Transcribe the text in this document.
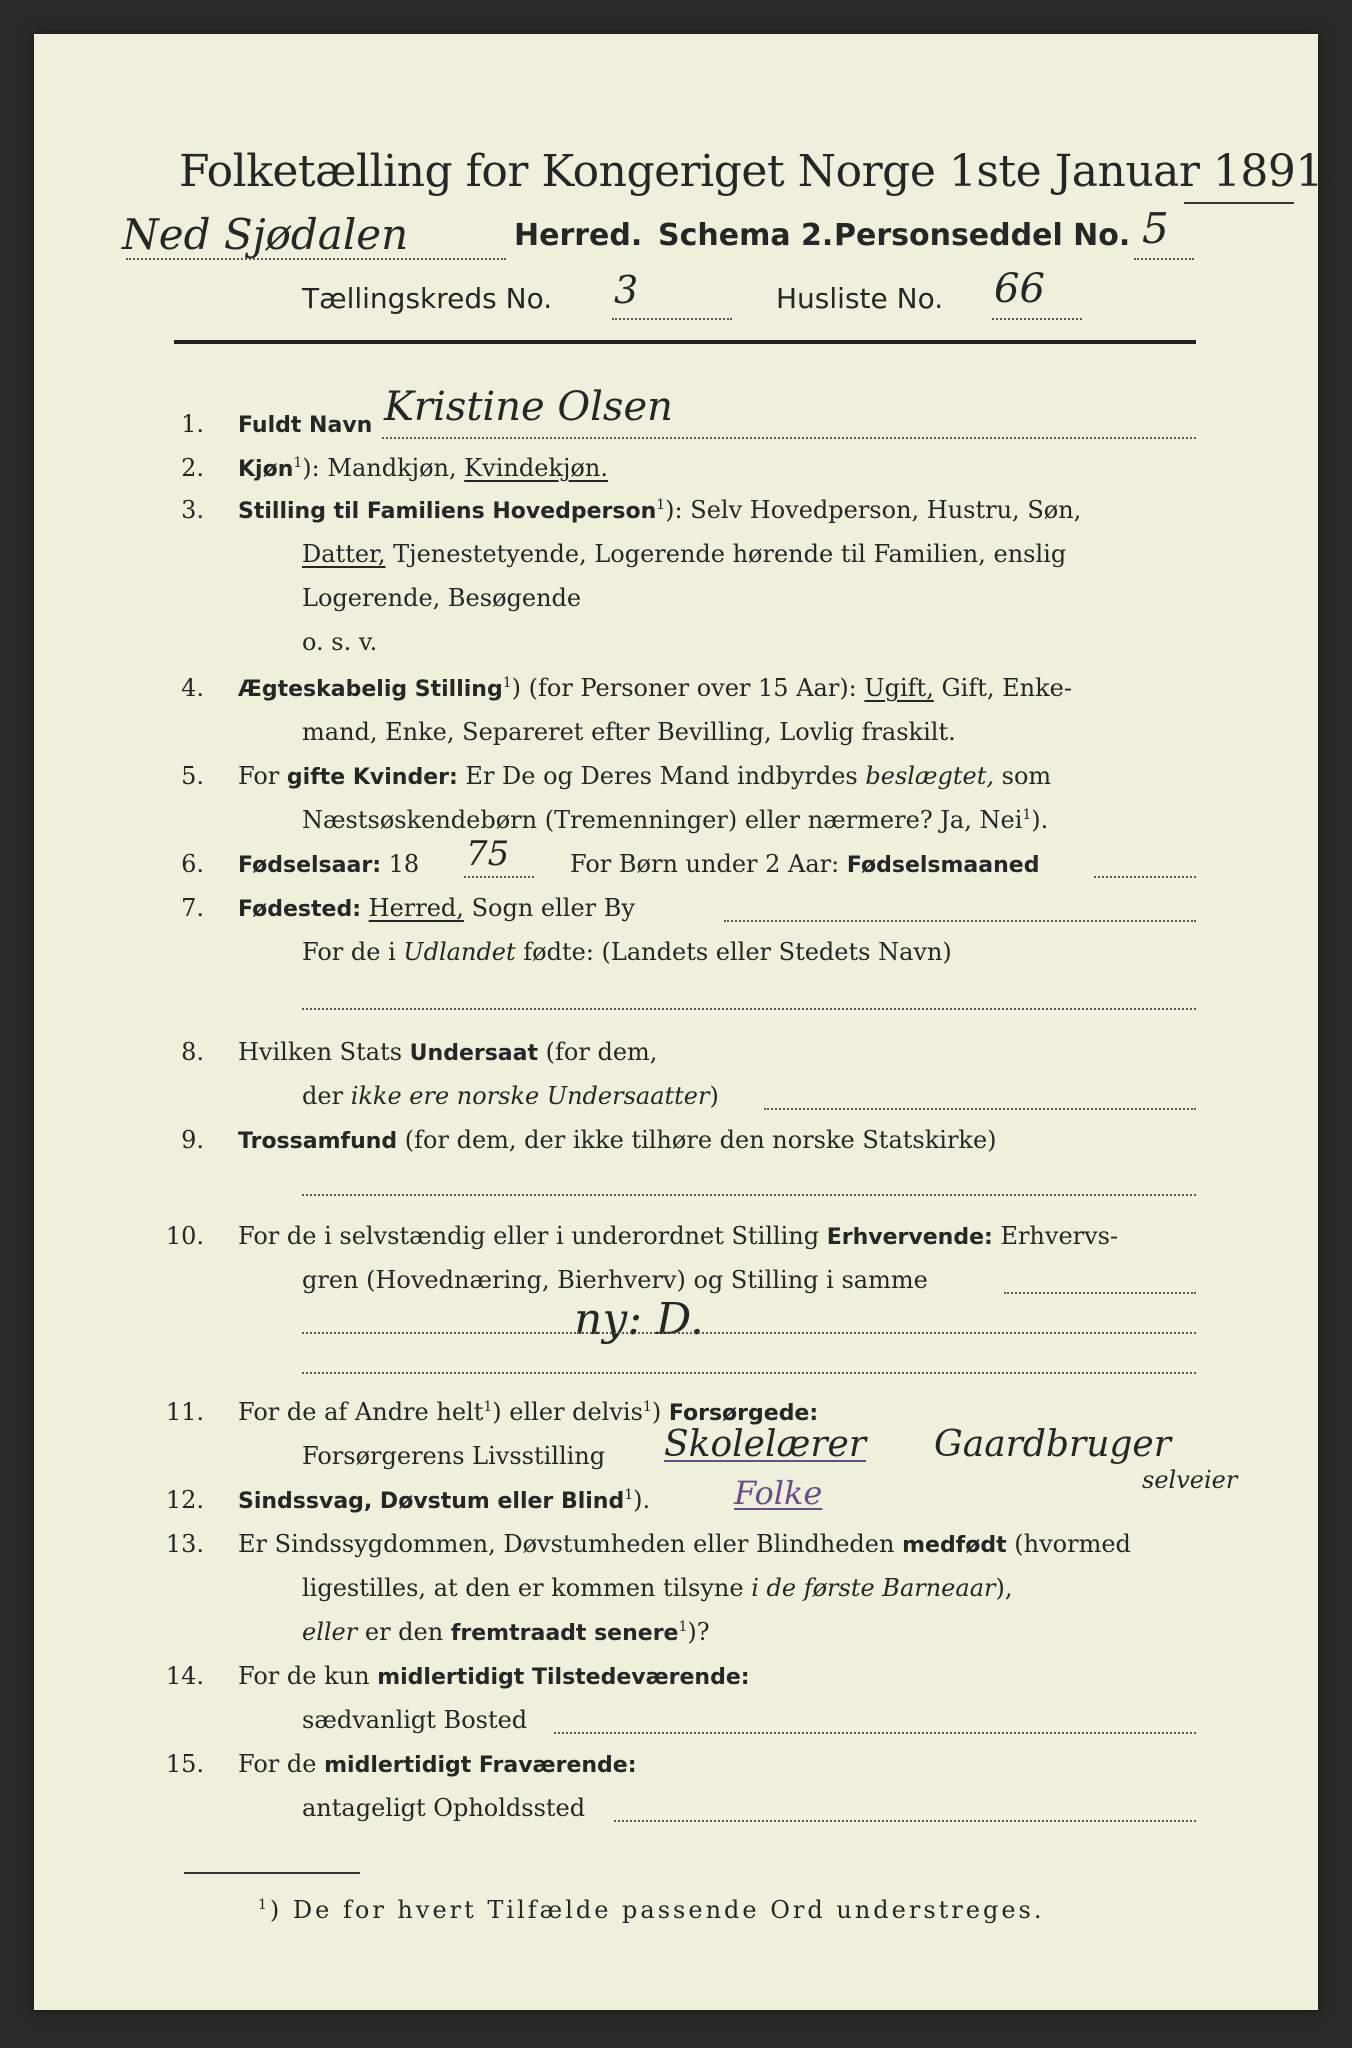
Folketælling for Kongeriget Norge 1ste Januar 1891.
Ned Sjødalen	Herred. Schema 2. Personseddel No. 5
Tællingskreds No. 3	Husliste No. 66
1. Fuldt Navn Kristine Olsen
2. Kjøn$^1$): Mandkjøn, Kvindekjøn.
3. Stilling til Familiens Hovedperson$^1$): Selv Hovedperson, Hustru, Søn,
Datter, Tjenestetyende, Logerende hørende til Familien, enslig
Logerende, Besøgende
o. s. v.
4. Ægteskabelig Stilling$^1$) (for Personer over 15 Aar): Ugift, Gift, Enke-
mand, Enke, Separeret efter Bevilling, Lovlig fraskilt.
5. For gifte Kvinder: Er De og Deres Mand indbyrdes beslægtet, som
Næstsøskendebørn (Tremenninger) eller nærmere? Ja, Nei$^1$).
6. Fødselsaar: 18 75	For Børn under 2 Aar: Fødselsmaaned
7. Fødested: Herred, Sogn eller By
For de i Udlandet fødte: (Landets eller Stedets Navn)
8. Hvilken Stats Undersaat (for dem,
der ikke ere norske Undersaatter)
9. Trossamfund (for dem, der ikke tilhøre den norske Statskirke)
10. For de i selvstændig eller i underordnet Stilling Erhvervende: Erhvervs-
gren (Hovednæring, Bierhverv) og Stilling i samme
ny: D.
11. For de af Andre helt$^1$) eller delvis$^1$) Forsørgede:
Forsørgerens Livsstilling Skolelærer Gaardbruger
selveier
12. Sindssvag, Døvstum eller Blind$^1$).	Folke
13. Er Sindssygdommen, Døvstumheden eller Blindheden medfødt (hvormed
ligestilles, at den er kommen tilsyne i de første Barneaar),
eller er den fremtraadt senere$^1$)?
14. For de kun midlertidigt Tilstedeværende:
sædvanligt Bosted
15. For de midlertidigt Fraværende:
antageligt Opholdssted
$^1$) De for hvert Tilfælde passende Ord understreges.
